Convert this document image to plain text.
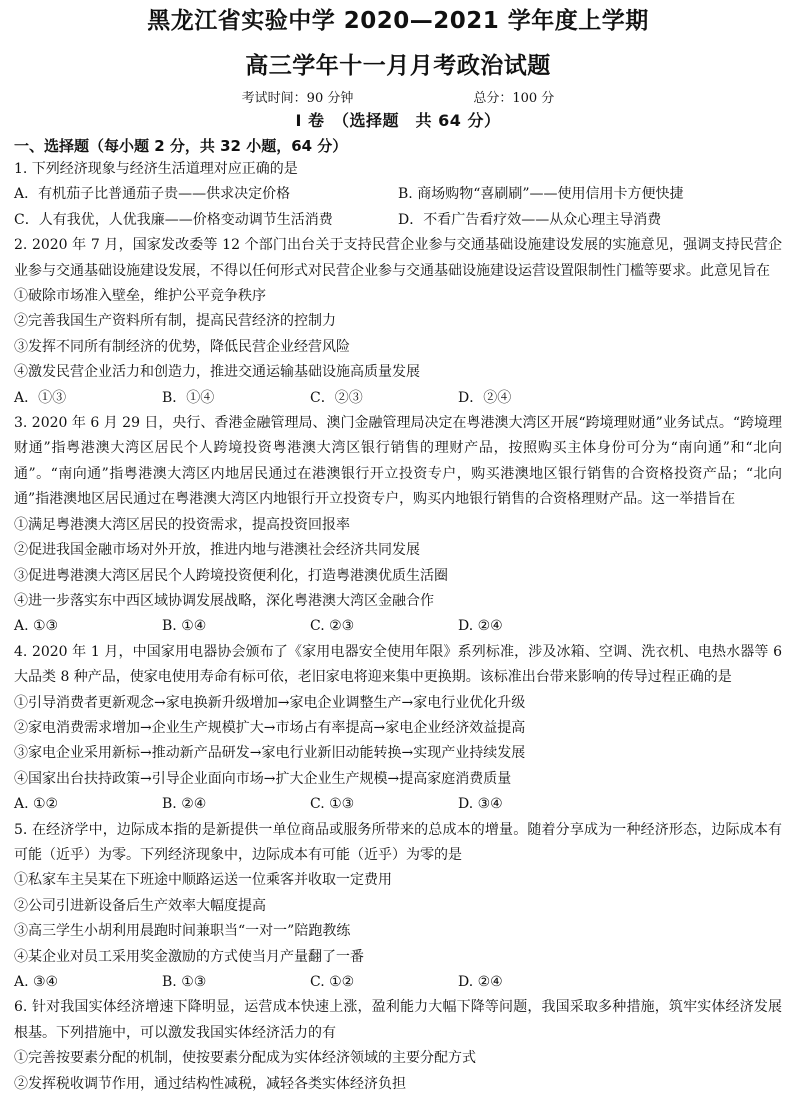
黑龙江省实验中学 2020—2021 学年度上学期
高三学年十一月月考政治试题
考试时间：90 分钟	总分：100 分
I 卷　（选择题　共 64 分）
一、选择题（每小题 2 分，共 32 小题，64 分）
1. 下列经济现象与经济生活道理对应正确的是
A．有机茄子比普通茄子贵——供求决定价格	B. 商场购物“喜刷刷”——使用信用卡方便快捷
C．人有我优，人优我廉——价格变动调节生活消费	D．不看广告看疗效——从众心理主导消费
2. 2020 年 7 月，国家发改委等 12 个部门出台关于支持民营企业参与交通基础设施建设发展的实施意见，强调支持民营企业参与交通基础设施建设发展，不得以任何形式对民营企业参与交通基础设施建设运营设置限制性门槛等要求。此意见旨在
①破除市场准入壁垒，维护公平竞争秩序
②完善我国生产资料所有制，提高民营经济的控制力
③发挥不同所有制经济的优势，降低民营企业经营风险
④激发民营企业活力和创造力，推进交通运输基础设施高质量发展
A．①③	B．①④	C．②③	D．②④
3. 2020 年 6 月 29 日，央行、香港金融管理局、澳门金融管理局决定在粤港澳大湾区开展“跨境理财通”业务试点。“跨境理财通”指粤港澳大湾区居民个人跨境投资粤港澳大湾区银行销售的理财产品，按照购买主体身份可分为“南向通”和“北向通”。“南向通”指粤港澳大湾区内地居民通过在港澳银行开立投资专户，购买港澳地区银行销售的合资格投资产品；“北向通”指港澳地区居民通过在粤港澳大湾区内地银行开立投资专户，购买内地银行销售的合资格理财产品。这一举措旨在
①满足粤港澳大湾区居民的投资需求，提高投资回报率
②促进我国金融市场对外开放，推进内地与港澳社会经济共同发展
③促进粤港澳大湾区居民个人跨境投资便利化，打造粤港澳优质生活圈
④进一步落实东中西区域协调发展战略，深化粤港澳大湾区金融合作
A. ①③	B. ①④	C. ②③	D. ②④
4. 2020 年 1 月，中国家用电器协会颁布了《家用电器安全使用年限》系列标准，涉及冰箱、空调、洗衣机、电热水器等 6 大品类 8 种产品，使家电使用寿命有标可依，老旧家电将迎来集中更换期。该标准出台带来影响的传导过程正确的是
①引导消费者更新观念→家电换新升级增加→家电企业调整生产→家电行业优化升级
②家电消费需求增加→企业生产规模扩大→市场占有率提高→家电企业经济效益提高
③家电企业采用新标→推动新产品研发→家电行业新旧动能转换→实现产业持续发展
④国家出台扶持政策→引导企业面向市场→扩大企业生产规模→提高家庭消费质量
A. ①②	B. ②④	C. ①③	D. ③④
5. 在经济学中，边际成本指的是新提供一单位商品或服务所带来的总成本的增量。随着分享成为一种经济形态，边际成本有可能（近乎）为零。下列经济现象中，边际成本有可能（近乎）为零的是
①私家车主吴某在下班途中顺路运送一位乘客并收取一定费用
②公司引进新设备后生产效率大幅度提高
③高三学生小胡利用晨跑时间兼职当“一对一”陪跑教练
④某企业对员工采用奖金激励的方式使当月产量翻了一番
A. ③④	B. ①③	C. ①②	D. ②④
6. 针对我国实体经济增速下降明显，运营成本快速上涨，盈利能力大幅下降等问题，我国采取多种措施，筑牢实体经济发展根基。下列措施中，可以激发我国实体经济活力的有
①完善按要素分配的机制，使按要素分配成为实体经济领域的主要分配方式
②发挥税收调节作用，通过结构性减税，减轻各类实体经济负担
